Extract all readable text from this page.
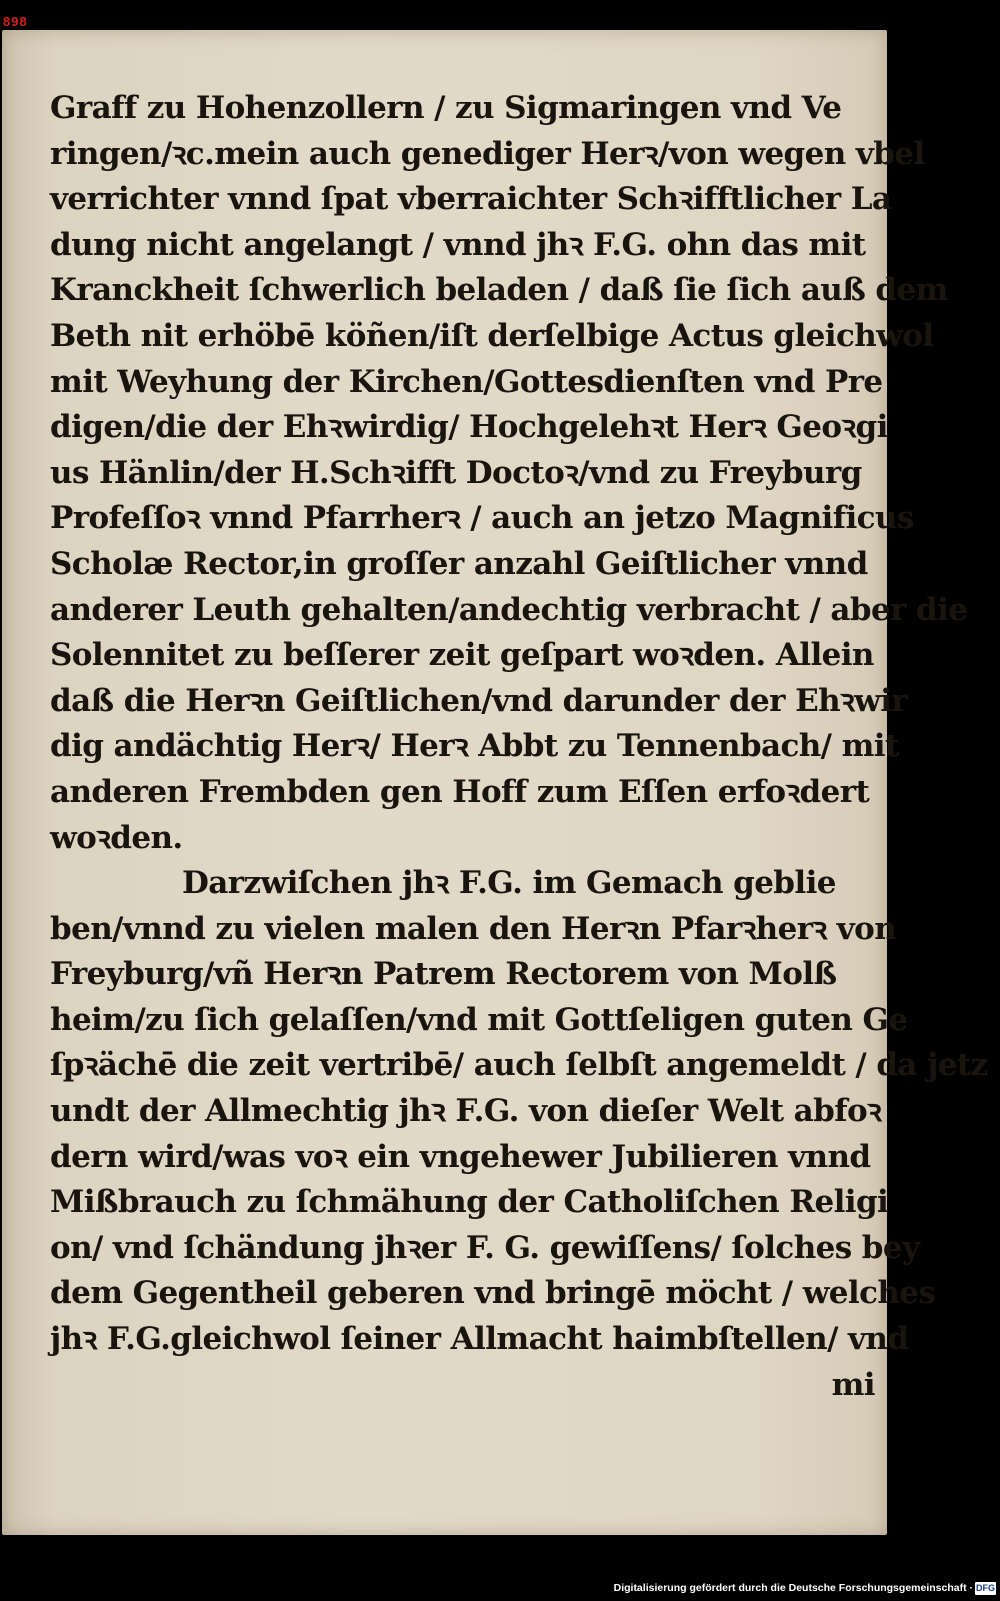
898
Graff zu Hohenzollern / zu Sigmaringen vnd Ve
ringen/ꝛc.mein auch genediger Herꝛ/von wegen vbel
verrichter vnnd ſpat vberraichter Schꝛifftlicher La
dung nicht angelangt / vnnd jhꝛ F.G. ohn das mit
Kranckheit ſchwerlich beladen / daß ſie ſich auß dem
Beth nit erhöbē köñen/iſt derſelbige Actus gleichwol
mit Weyhung der Kirchen/Gottesdienſten vnd Pre
digen/die der Ehꝛwirdig/ Hochgelehꝛt Herꝛ Geoꝛgi
us Hänlin/der H.Schꝛifft Doctoꝛ/vnd zu Freyburg
Profeſſoꝛ vnnd Pfarrherꝛ / auch an jetzo Magnificus
Scholæ Rector,in groſſer anzahl Geiſtlicher vnnd
anderer Leuth gehalten/andechtig verbracht / aber die
Solennitet zu beſſerer zeit geſpart woꝛden. Allein
daß die Herꝛn Geiſtlichen/vnd darunder der Ehꝛwir
dig andächtig Herꝛ/ Herꝛ Abbt zu Tennenbach/ mit
anderen Frembden gen Hoff zum Eſſen erfoꝛdert
woꝛden.
Darzwiſchen jhꝛ F.G. im Gemach geblie
ben/vnnd zu vielen malen den Herꝛn Pfarꝛherꝛ von
Freyburg/vñ Herꝛn Patrem Rectorem von Molß
heim/zu ſich gelaſſen/vnd mit Gottſeligen guten Ge
ſpꝛächē die zeit vertribē/ auch ſelbſt angemeldt / da jetz
undt der Allmechtig jhꝛ F.G. von dieſer Welt abfoꝛ
dern wird/was voꝛ ein vngehewer Jubilieren vnnd
Mißbrauch zu ſchmähung der Catholiſchen Religi
on/ vnd ſchändung jhꝛer F. G. gewiſſens/ ſolches bey
dem Gegentheil geberen vnd bringē möcht / welches
jhꝛ F.G.gleichwol ſeiner Allmacht haimbſtellen/ vnd
mi
Digitalisierung gefördert durch die Deutsche Forschungsgemeinschaft · DFG
